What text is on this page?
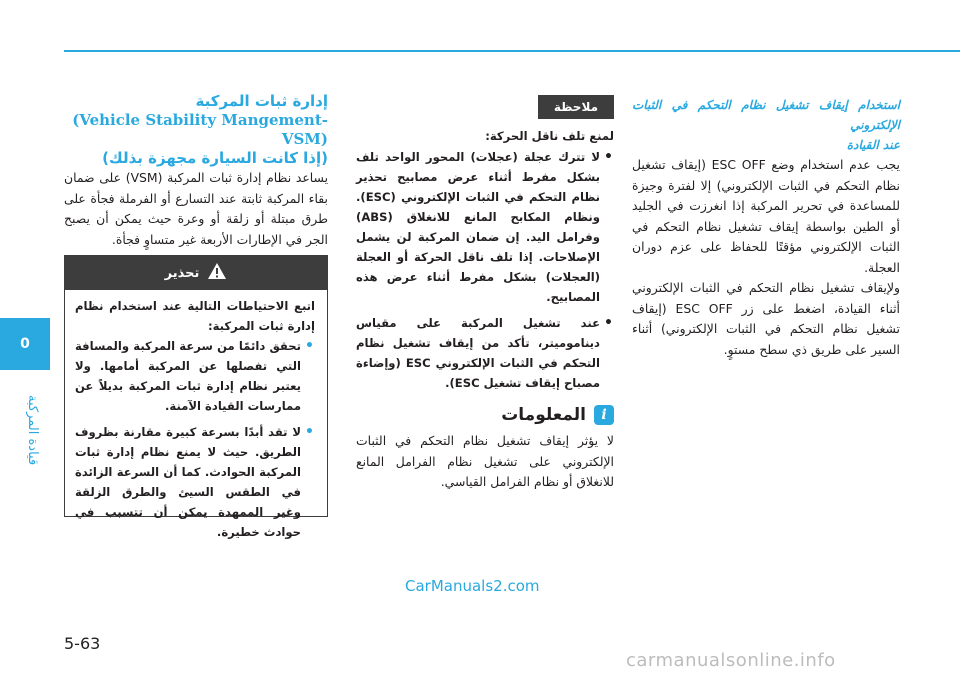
0
قيادة المركبة

استخدام إيقاف تشغيل نظام التحكم في الثبات الإلكتروني

عند القيادة

يجب عدم استخدام وضع ESC OFF (إيقاف تشغيل نظام التحكم في الثبات الإلكتروني) إلا لفترة وجيزة للمساعدة في تحرير المركبة إذا انغرزت في الجليد أو الطين بواسطة إيقاف تشغيل نظام التحكم في الثبات الإلكتروني مؤقتًا للحفاظ على عزم دوران العجلة.

ولإيقاف تشغيل نظام التحكم في الثبات الإلكتروني أثناء القيادة، اضغط على زر ESC OFF (إيقاف تشغيل نظام التحكم في الثبات الإلكتروني) أثناء السير على طريق ذي سطح مستوٍ.

ملاحظة

لمنع تلف ناقل الحركة:

• لا تترك عجلة (عجلات) المحور الواحد تلف بشكل مفرط أثناء عرض مصابيح تحذير نظام التحكم في الثبات الإلكتروني (ESC). ونظام المكابح المانع للانغلاق (ABS) وفرامل اليد. إن ضمان المركبة لن يشمل الإصلاحات. إذا تلف ناقل الحركة أو العجلة (العجلات) بشكل مفرط أثناء عرض هذه المصابيح.
• عند تشغيل المركبة على مقياس ديناموميتر، تأكد من إيقاف تشغيل نظام التحكم في الثبات الإلكتروني ESC (وإضاءة مصباح إيقاف تشغيل ESC).
i
المعلومات

لا يؤثر إيقاف تشغيل نظام التحكم في الثبات الإلكتروني على تشغيل نظام الفرامل المانع للانغلاق أو نظام الفرامل القياسي.

إدارة ثبات المركبة

(Vehicle Stability Mangement-VSM)

(إذا كانت السيارة مجهزة بذلك)

يساعد نظام إدارة ثبات المركبة (VSM) على ضمان بقاء المركبة ثابتة عند التسارع أو الفرملة فجأة على طرق مبتلة أو زلقة أو وعرة حيث يمكن أن يصبح الجر في الإطارات الأربعة غير متساوٍ فجأة.

تحذير

اتبع الاحتياطات التالية عند استخدام نظام إدارة ثبات المركبة:

• تحقق دائمًا من سرعة المركبة والمسافة التي تفصلها عن المركبة أمامها. ولا يعتبر نظام إدارة ثبات المركبة بديلاً عن ممارسات القيادة الآمنة.
• لا تقد أبدًا بسرعة كبيرة مقارنة بظروف الطريق. حيث لا يمنع نظام إدارة ثبات المركبة الحوادث. كما أن السرعة الزائدة في الطقس السيئ والطرق الزلقة وغير الممهدة يمكن أن تتسبب في حوادث خطيرة.
CarManuals2.com
5-63
carmanualsonline.info
